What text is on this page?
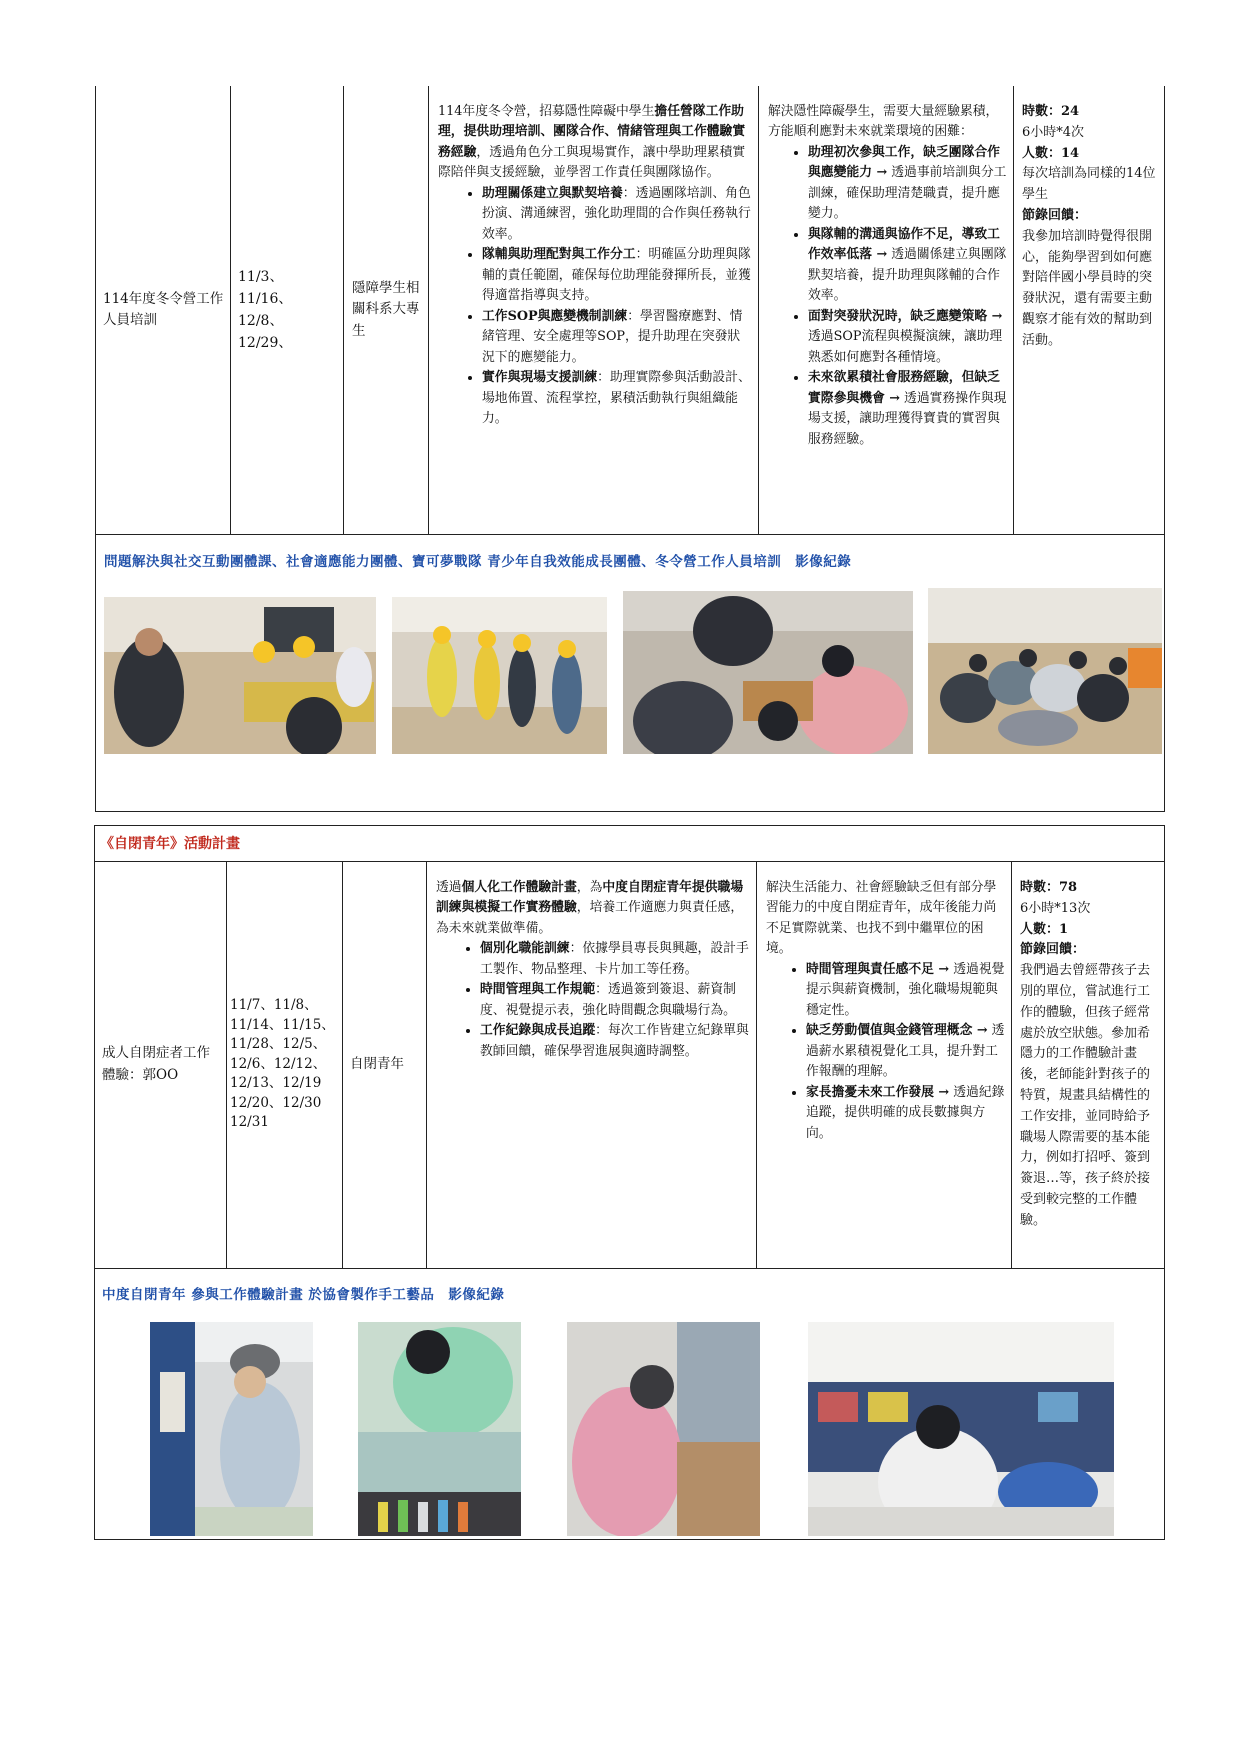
114年度冬令營工作人員培訓
11/3、
11/16、
12/8、
12/29、
隱障學生相關科系大專生
114年度冬令營，招募隱性障礙中學生擔任營隊工作助理，提供助理培訓、團隊合作、情緒管理與工作體驗實務經驗，透過角色分工與現場實作，讓中學助理累積實際陪伴與支援經驗，並學習工作責任與團隊協作。
• 助理關係建立與默契培養：透過團隊培訓、角色扮演、溝通練習，強化助理間的合作與任務執行效率。
• 隊輔與助理配對與工作分工：明確區分助理與隊輔的責任範圍，確保每位助理能發揮所長，並獲得適當指導與支持。
• 工作SOP與應變機制訓練：學習醫療應對、情緒管理、安全處理等SOP，提升助理在突發狀況下的應變能力。
• 實作與現場支援訓練：助理實際參與活動設計、場地佈置、流程掌控，累積活動執行與組織能力。
解決隱性障礙學生，需要大量經驗累積，方能順利應對未來就業環境的困難：
• 助理初次參與工作，缺乏團隊合作與應變能力 → 透過事前培訓與分工訓練，確保助理清楚職責，提升應變力。
• 與隊輔的溝通與協作不足，導致工作效率低落 → 透過關係建立與團隊默契培養，提升助理與隊輔的合作效率。
• 面對突發狀況時，缺乏應變策略 → 透過SOP流程與模擬演練，讓助理熟悉如何應對各種情境。
• 未來欲累積社會服務經驗，但缺乏實際參與機會 → 透過實務操作與現場支援，讓助理獲得寶貴的實習與服務經驗。
時數：24
6小時*4次
人數：14
每次培訓為同樣的14位學生
節錄回饋：
我參加培訓時覺得很開心，能夠學習到如何應對陪伴國小學員時的突發狀況，還有需要主動觀察才能有效的幫助到活動。
問題解決與社交互動團體課、社會適應能力團體、寶可夢戰隊 青少年自我效能成長團體、冬令營工作人員培訓　影像紀錄
《自閉青年》活動計畫
成人自閉症者工作體驗：郭OO
11/7、11/8、
11/14、11/15、
11/28、12/5、
12/6、12/12、
12/13、12/19
12/20、12/30
12/31
自閉青年
透過個人化工作體驗計畫，為中度自閉症青年提供職場訓練與模擬工作實務體驗，培養工作適應力與責任感，為未來就業做準備。
• 個別化職能訓練：依據學員專長與興趣，設計手工製作、物品整理、卡片加工等任務。
• 時間管理與工作規範：透過簽到簽退、薪資制度、視覺提示表，強化時間觀念與職場行為。
• 工作紀錄與成長追蹤：每次工作皆建立紀錄單與教師回饋，確保學習進展與適時調整。
解決生活能力、社會經驗缺乏但有部分學習能力的中度自閉症青年，成年後能力尚不足實際就業、也找不到中繼單位的困境。
• 時間管理與責任感不足 → 透過視覺提示與薪資機制，強化職場規範與穩定性。
• 缺乏勞動價值與金錢管理概念 → 透過薪水累積視覺化工具，提升對工作報酬的理解。
• 家長擔憂未來工作發展 → 透過紀錄追蹤，提供明確的成長數據與方向。
時數：78
6小時*13次
人數：1
節錄回饋：
我們過去曾經帶孩子去別的單位，嘗試進行工作的體驗，但孩子經常處於放空狀態。參加希隱力的工作體驗計畫後，老師能針對孩子的特質，規畫具結構性的工作安排，並同時給予職場人際需要的基本能力，例如打招呼、簽到簽退…等，孩子終於接受到較完整的工作體驗。
中度自閉青年 參與工作體驗計畫 於協會製作手工藝品　影像紀錄
